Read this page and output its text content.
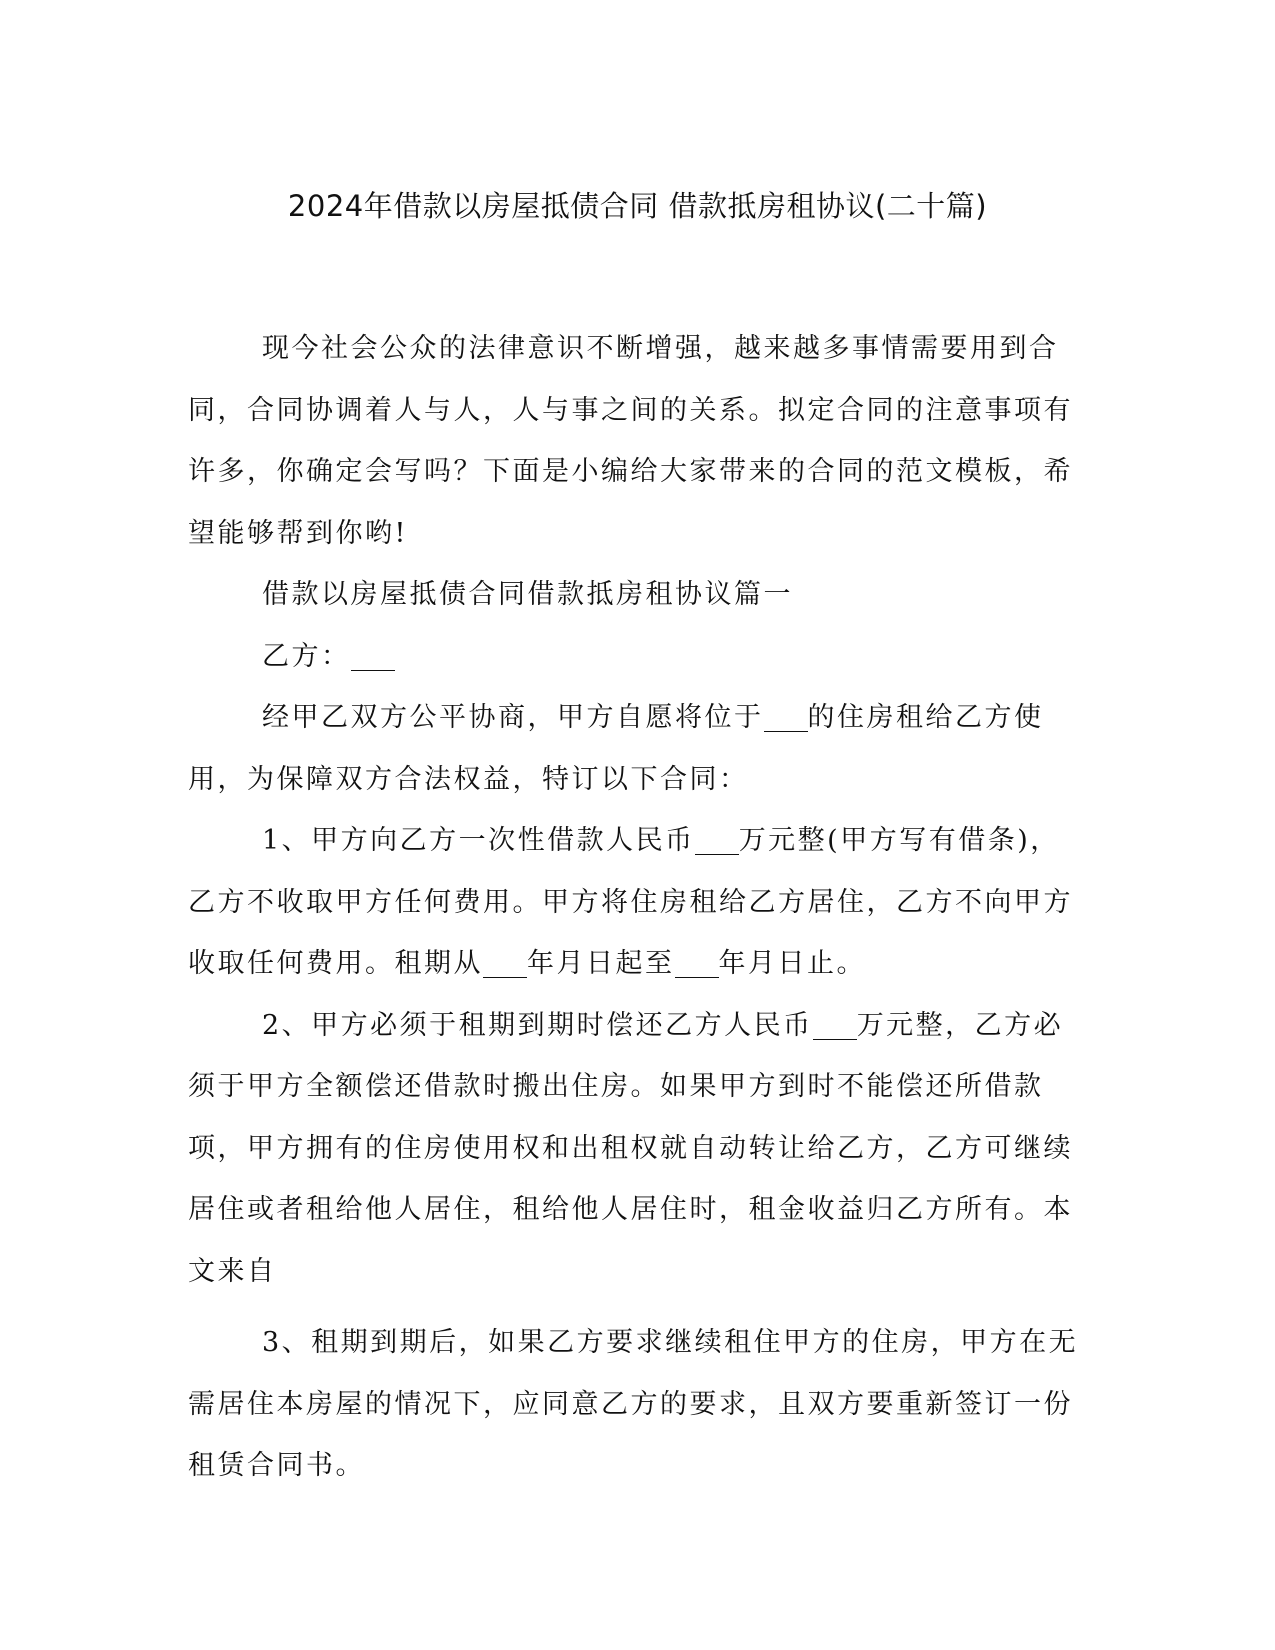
2024年借款以房屋抵债合同 借款抵房租协议(二十篇)

现今社会公众的法律意识不断增强，越来越多事情需要用到合同，合同协调着人与人，人与事之间的关系。拟定合同的注意事项有许多，你确定会写吗？下面是小编给大家带来的合同的范文模板，希望能够帮到你哟!

借款以房屋抵债合同借款抵房租协议篇一

乙方：

经甲乙双方公平协商，甲方自愿将位于 的住房租给乙方使用，为保障双方合法权益，特订以下合同：

1、甲方向乙方一次性借款人民币 万元整(甲方写有借条)，乙方不收取甲方任何费用。甲方将住房租给乙方居住，乙方不向甲方收取任何费用。租期从 年月日起至 年月日止。

2、甲方必须于租期到期时偿还乙方人民币 万元整，乙方必须于甲方全额偿还借款时搬出住房。如果甲方到时不能偿还所借款项，甲方拥有的住房使用权和出租权就自动转让给乙方，乙方可继续居住或者租给他人居住，租给他人居住时，租金收益归乙方所有。本文来自

3、租期到期后，如果乙方要求继续租住甲方的住房，甲方在无需居住本房屋的情况下，应同意乙方的要求，且双方要重新签订一份租赁合同书。
